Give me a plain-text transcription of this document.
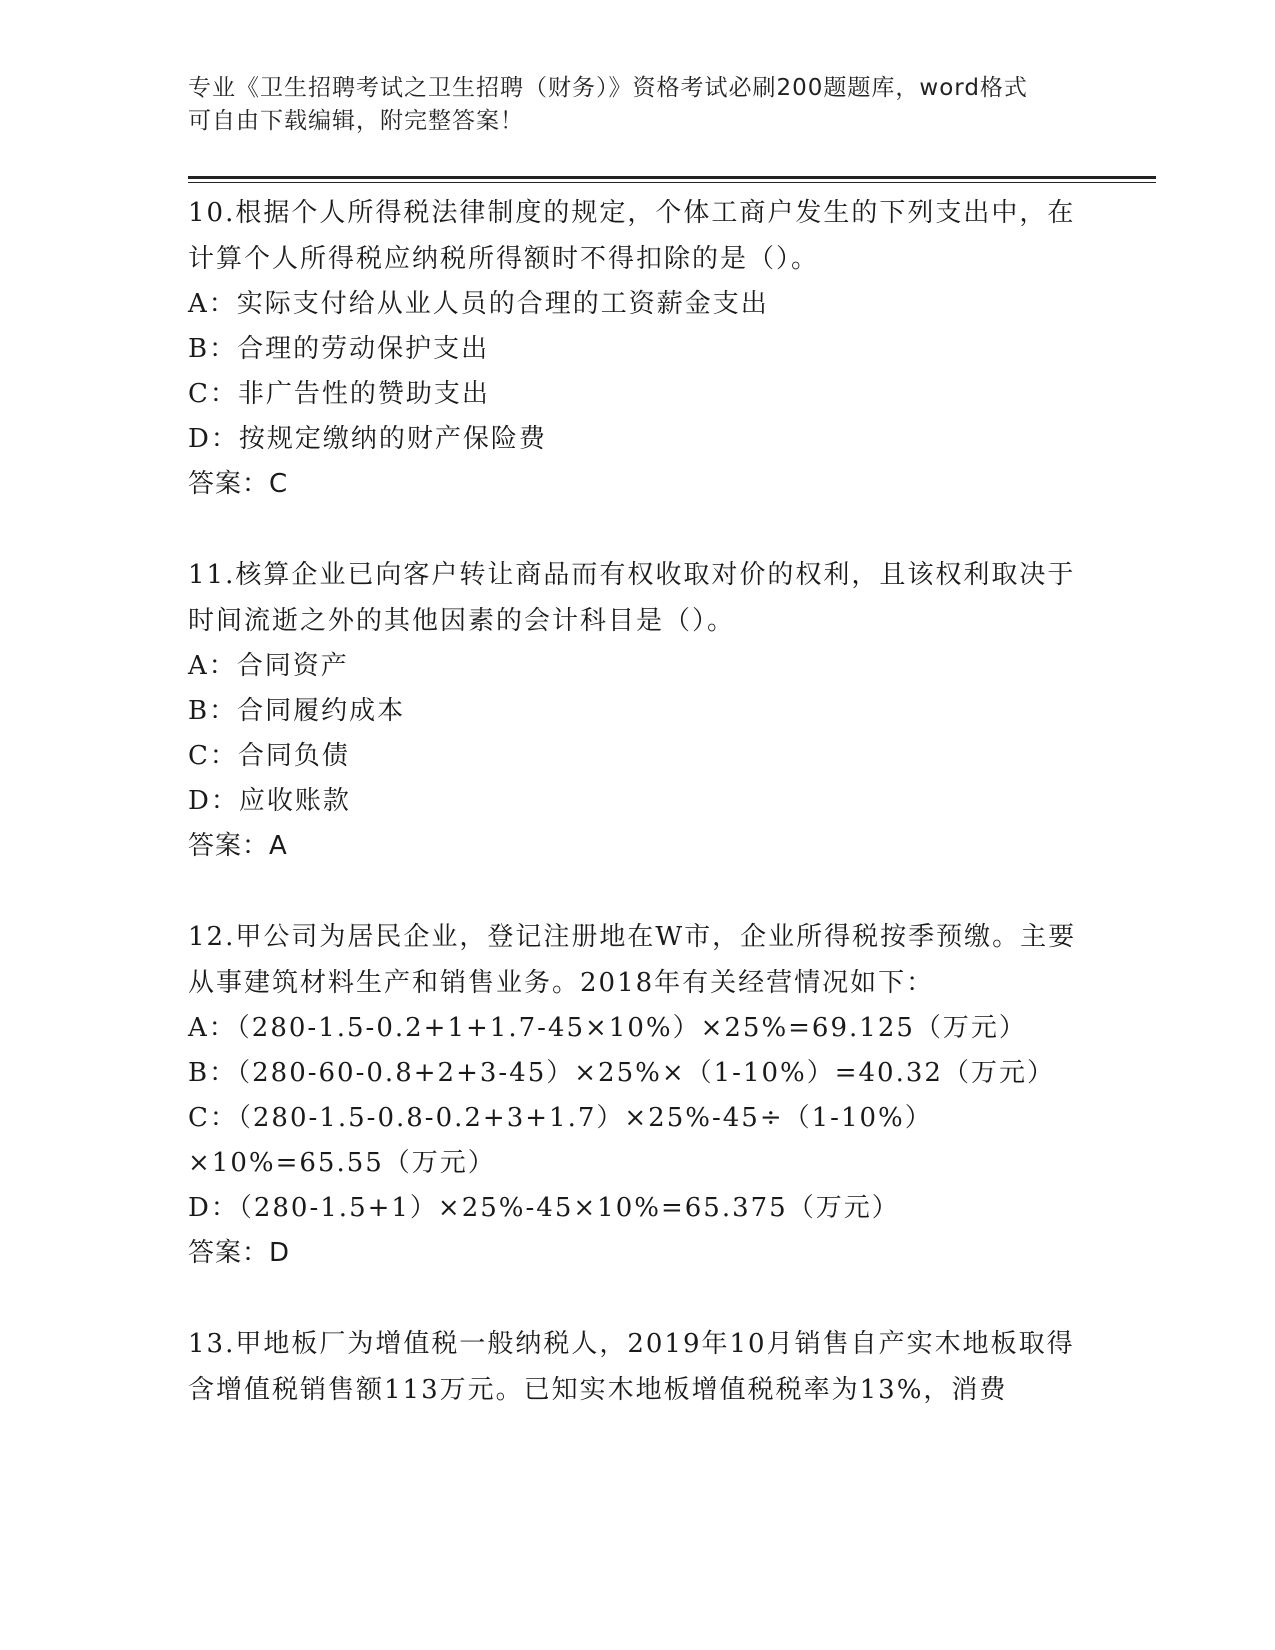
专业《卫生招聘考试之卫生招聘（财务）》资格考试必刷200题题库，word格式
可自由下载编辑，附完整答案！

10.根据个人所得税法律制度的规定，个体工商户发生的下列支出中，在计算个人所得税应纳税所得额时不得扣除的是（）。

A：实际支付给从业人员的合理的工资薪金支出

B：合理的劳动保护支出

C：非广告性的赞助支出

D：按规定缴纳的财产保险费

答案：C

11.核算企业已向客户转让商品而有权收取对价的权利，且该权利取决于时间流逝之外的其他因素的会计科目是（）。

A：合同资产

B：合同履约成本

C：合同负债

D：应收账款

答案：A

12.甲公司为居民企业，登记注册地在W市，企业所得税按季预缴。主要从事建筑材料生产和销售业务。2018年有关经营情况如下：

A：（280-1.5-0.2+1+1.7-45×10%）×25%=69.125（万元）

B：（280-60-0.8+2+3-45）×25%×（1-10%）=40.32（万元）

C：（280-1.5-0.8-0.2+3+1.7）×25%-45÷（1-10%）×10%=65.55（万元）

D：（280-1.5+1）×25%-45×10%=65.375（万元）

答案：D

13.甲地板厂为增值税一般纳税人，2019年10月销售自产实木地板取得含增值税销售额113万元。已知实木地板增值税税率为13%，消费
